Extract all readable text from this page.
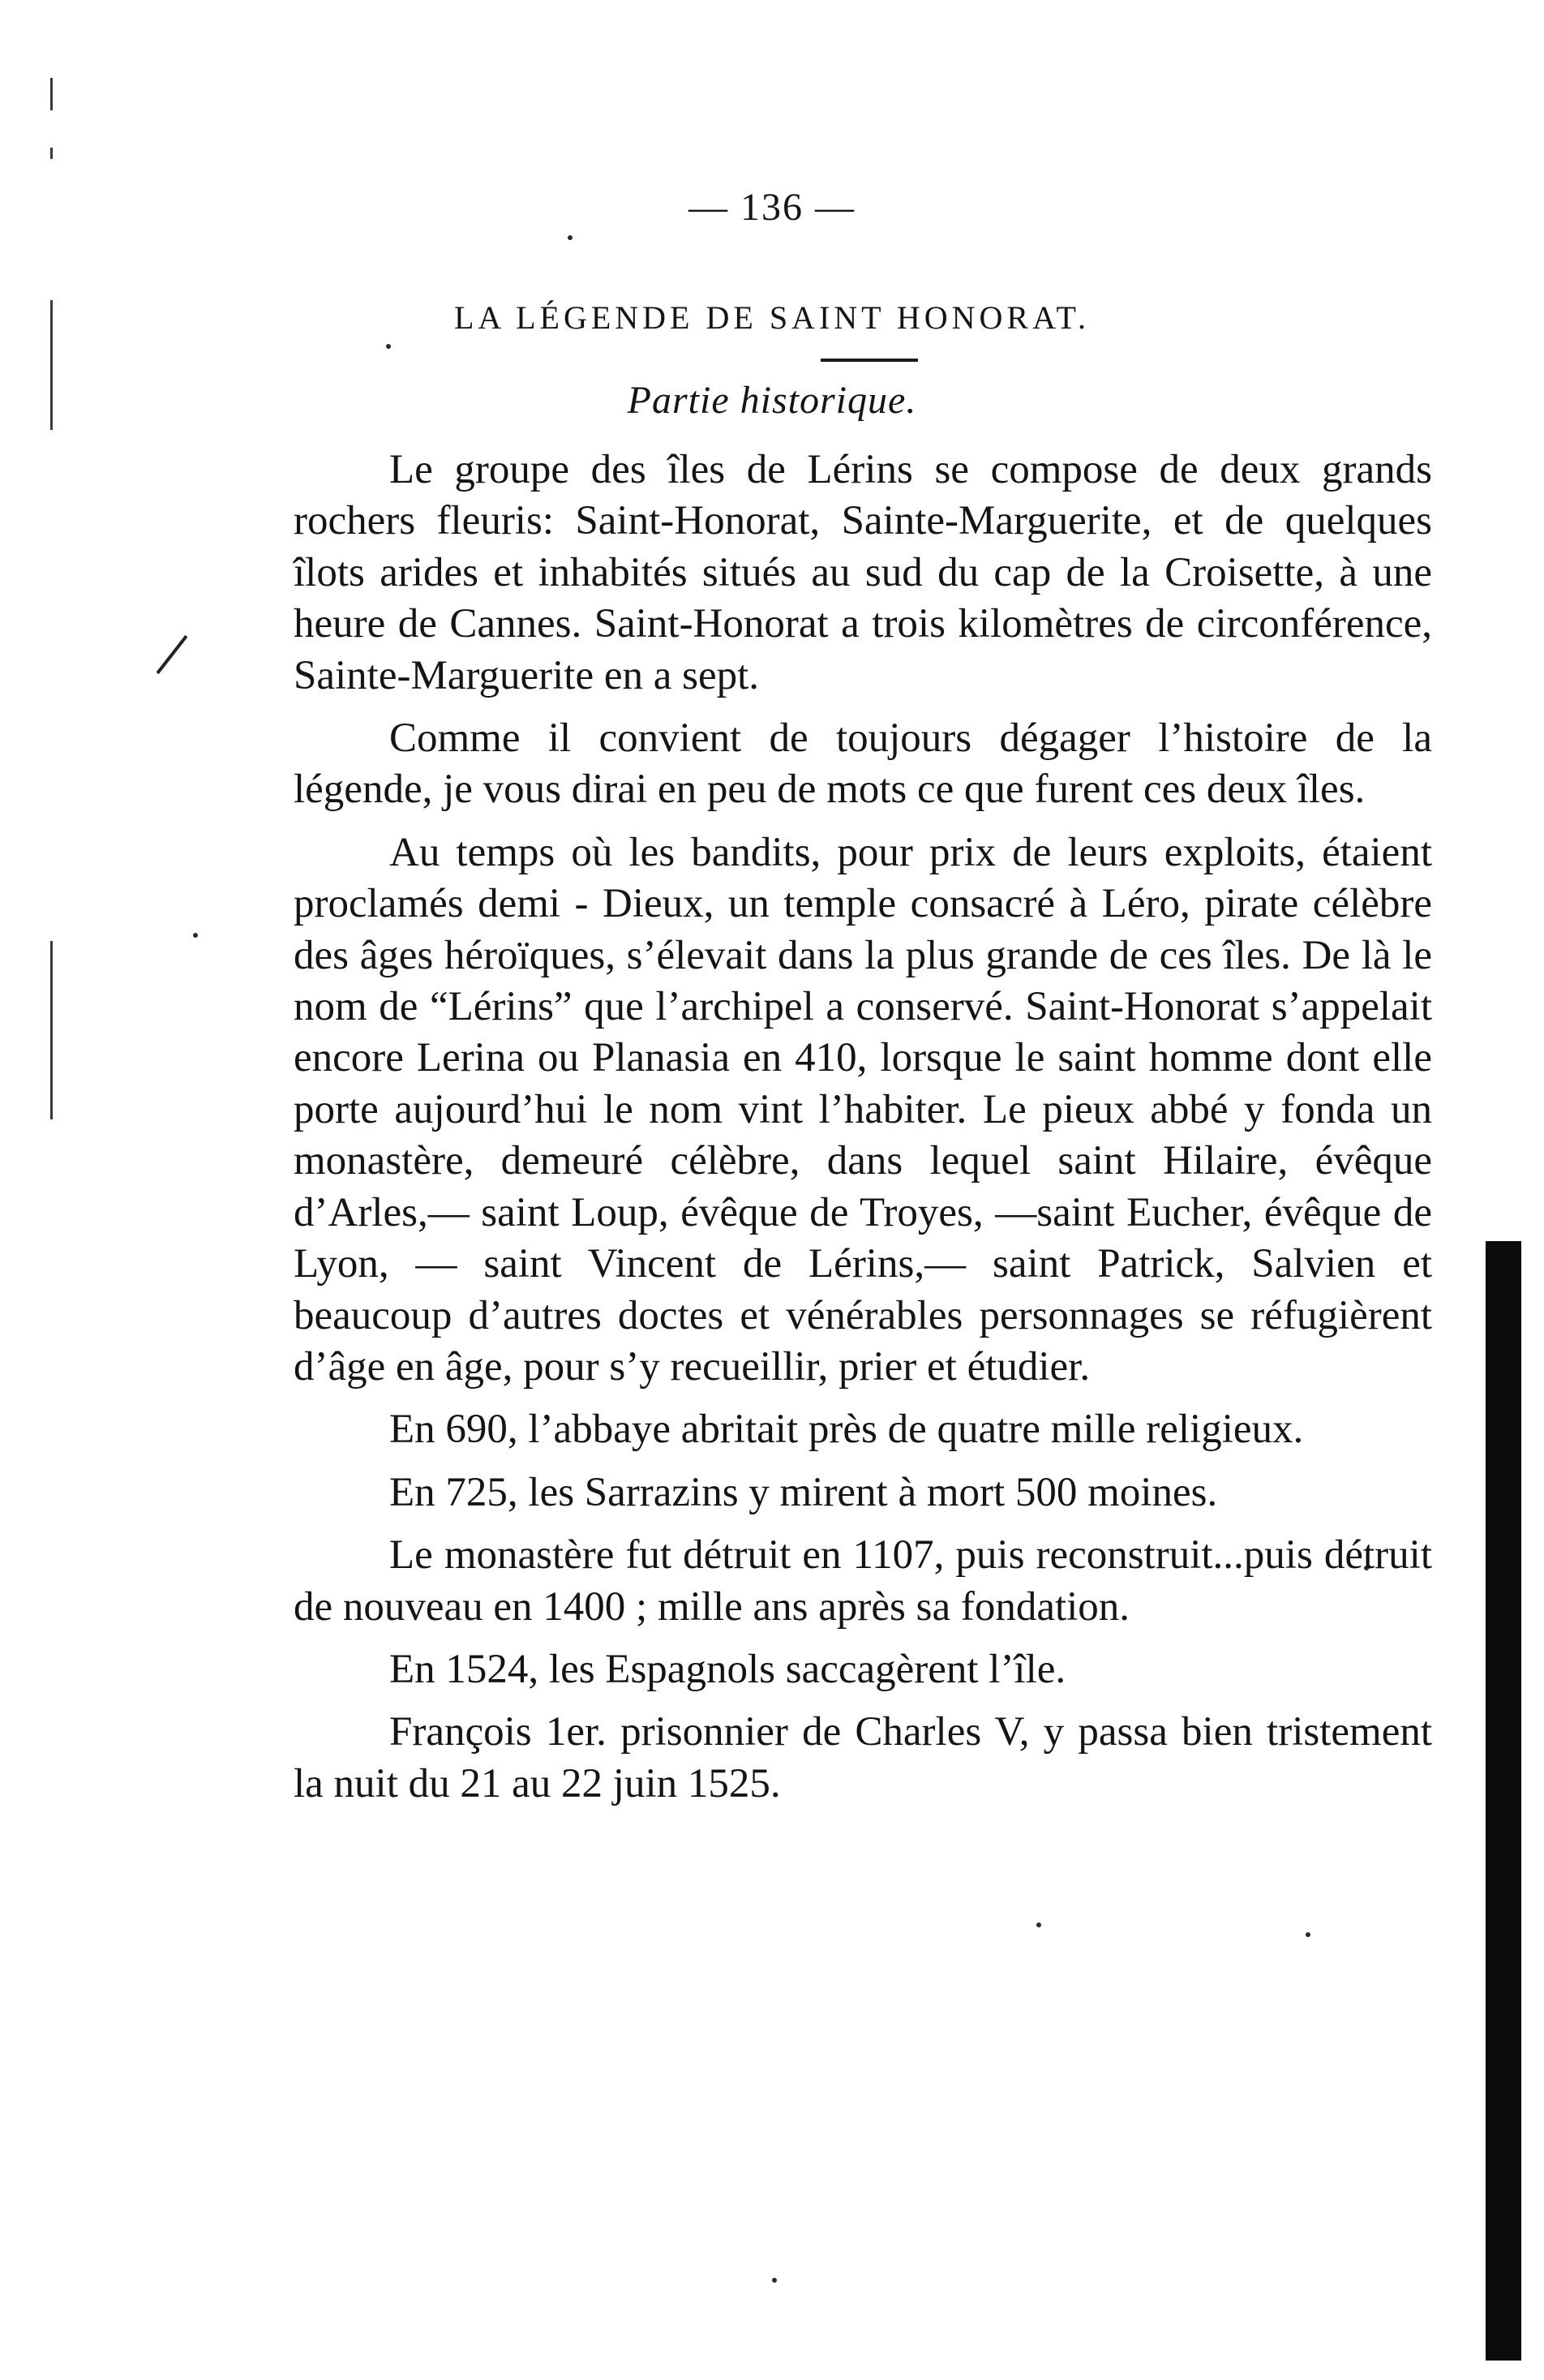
— 136 —
LA LÉGENDE DE SAINT HONORAT.
Partie historique.

Le groupe des îles de Lérins se compose de deux grands rochers fleuris: Saint-Honorat, Sainte-Marguerite, et de quelques îlots arides et inhabités situés au sud du cap de la Croisette, à une heure de Cannes. Saint-Honorat a trois kilomètres de circonférence, Sainte-Marguerite en a sept.

Comme il convient de toujours dégager l’histoire de la légende, je vous dirai en peu de mots ce que furent ces deux îles.

Au temps où les bandits, pour prix de leurs exploits, étaient proclamés demi - Dieux, un temple consacré à Léro, pirate célèbre des âges héroïques, s’élevait dans la plus grande de ces îles. De là le nom de “Lérins” que l’archipel a conservé. Saint-Honorat s’appelait encore Lerina ou Planasia en 410, lorsque le saint homme dont elle porte aujourd’hui le nom vint l’habiter. Le pieux abbé y fonda un monastère, demeuré célèbre, dans lequel saint Hilaire, évêque d’Arles,— saint Loup, évêque de Troyes, —saint Eucher, évêque de Lyon, — saint Vincent de Lérins,— saint Patrick, Salvien et beaucoup d’autres doctes et vénérables personnages se réfugièrent d’âge en âge, pour s’y recueillir, prier et étudier.

En 690, l’abbaye abritait près de quatre mille religieux.

En 725, les Sarrazins y mirent à mort 500 moines.

Le monastère fut détruit en 1107, puis reconstruit...puis détruit de nouveau en 1400 ; mille ans après sa fondation.

En 1524, les Espagnols saccagèrent l’île.

François 1er. prisonnier de Charles V, y passa bien tristement la nuit du 21 au 22 juin 1525.
